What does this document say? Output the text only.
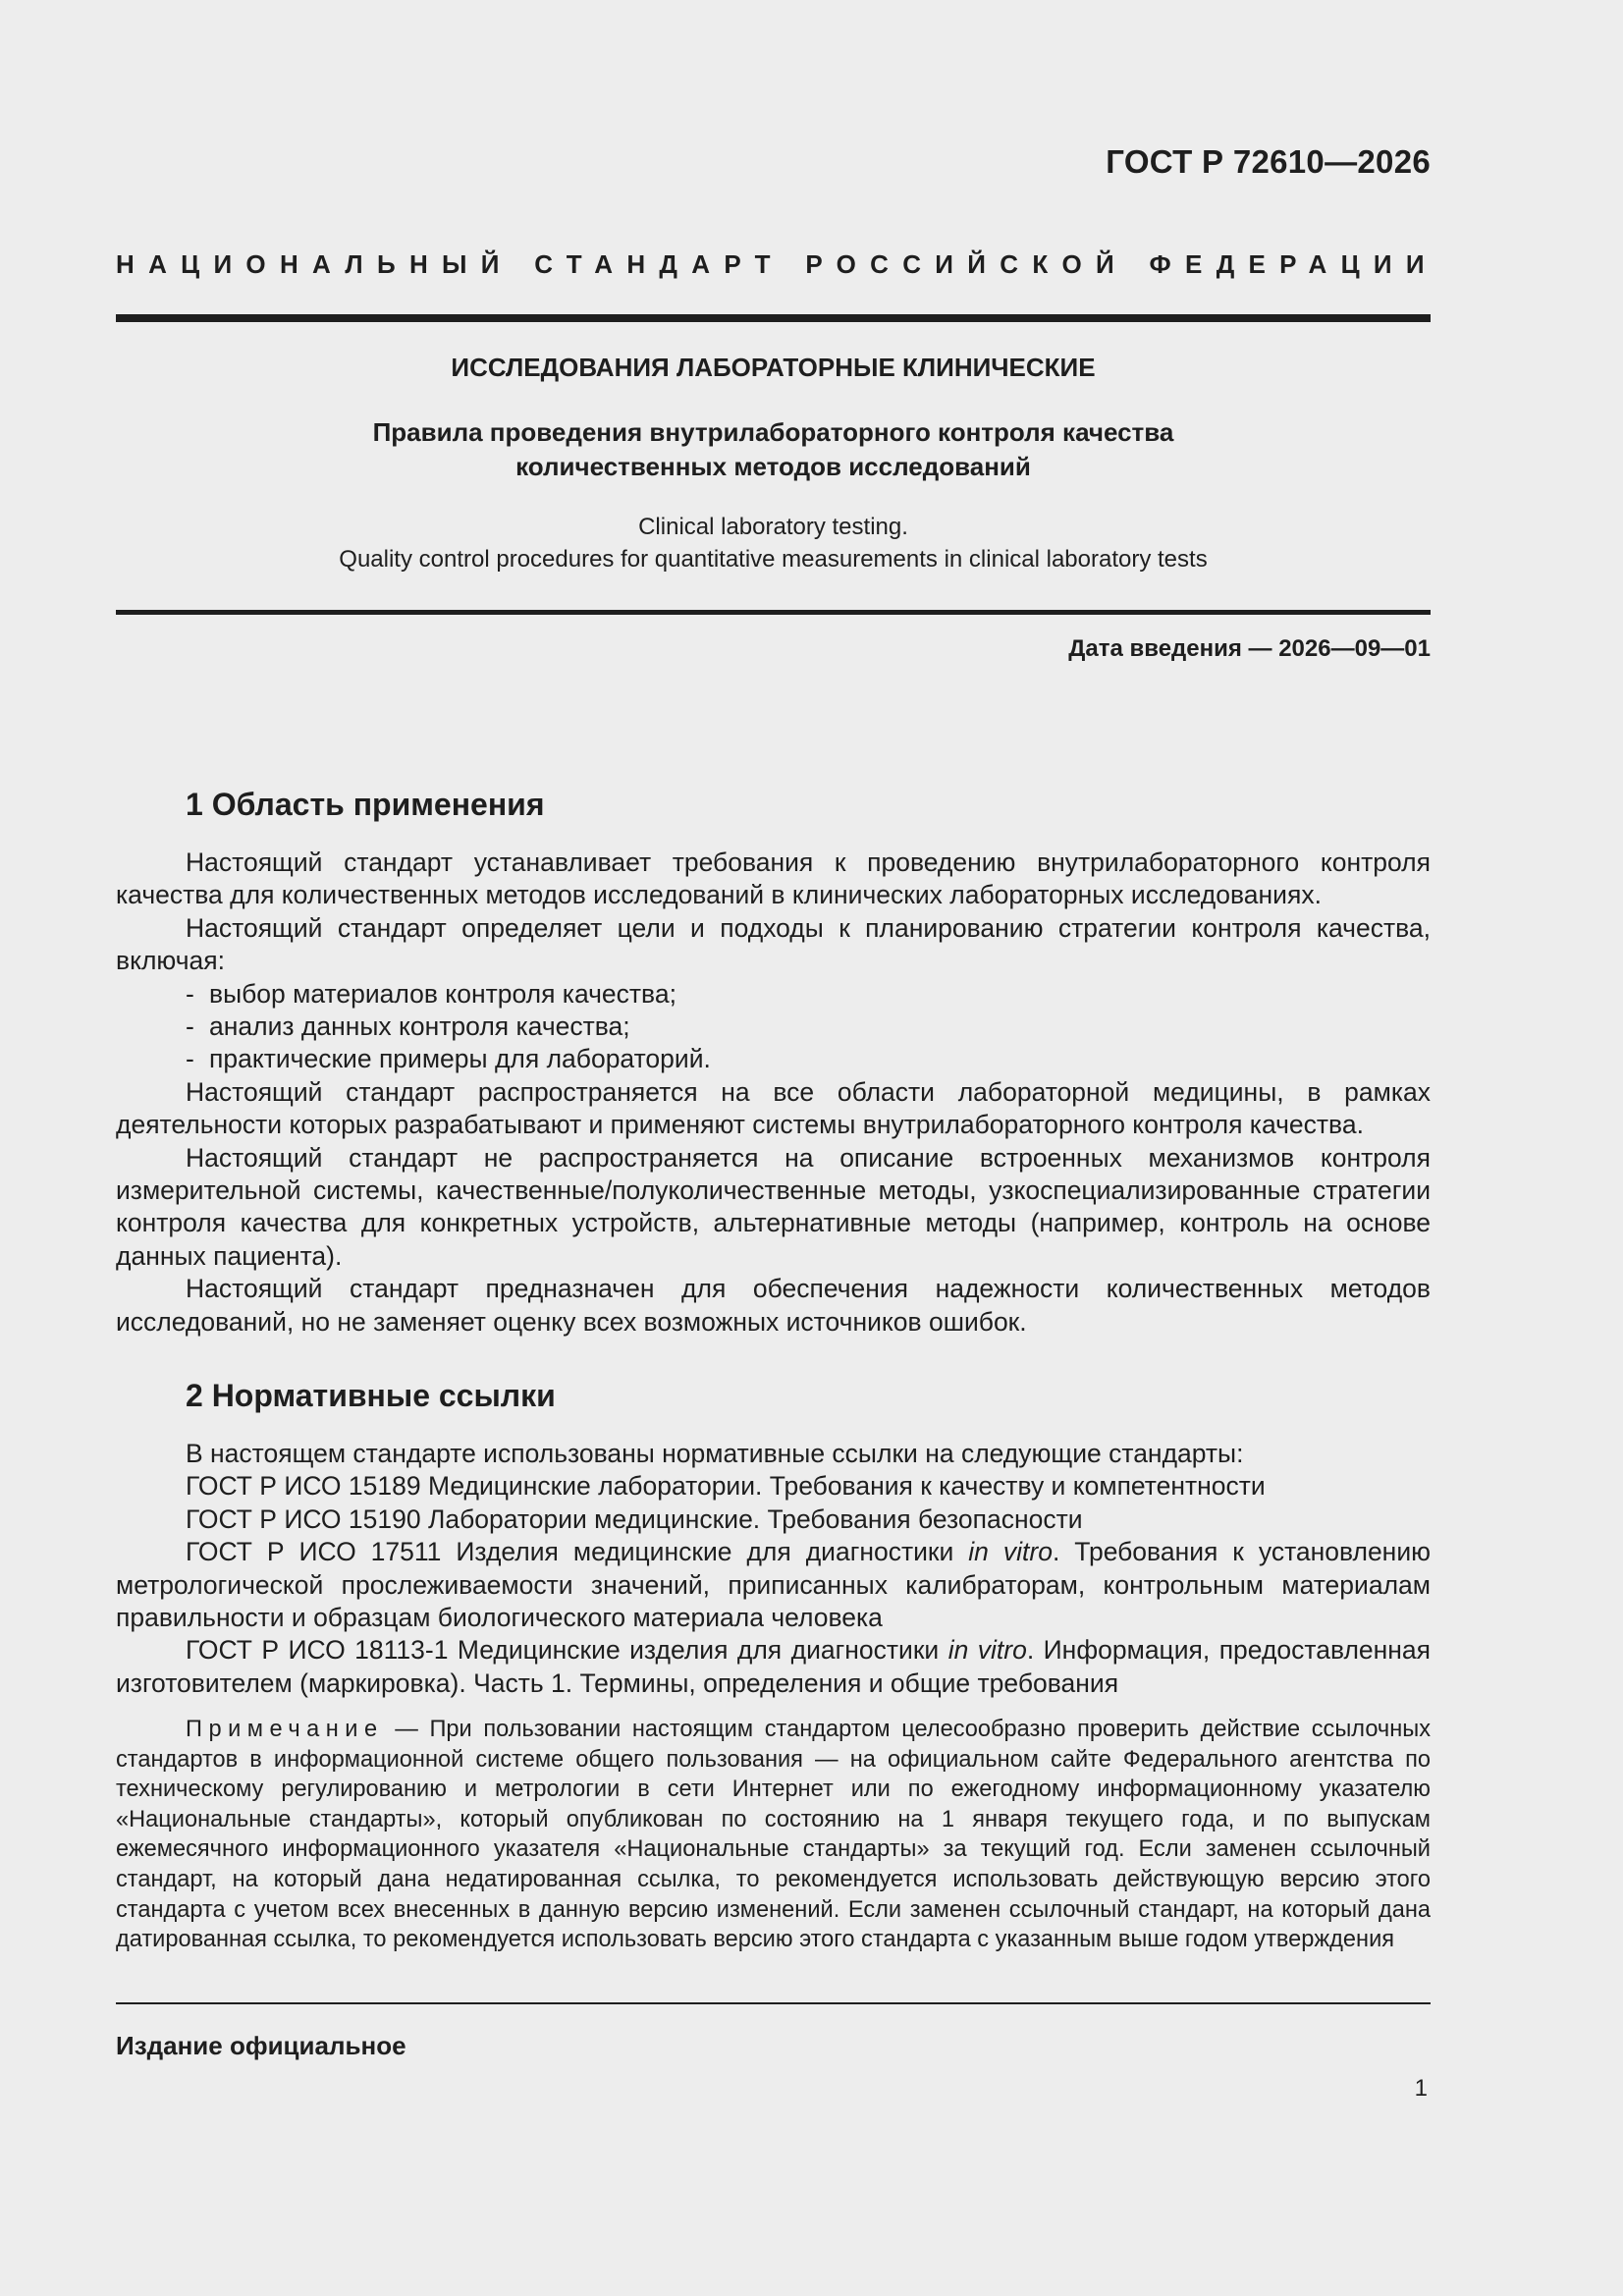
ГОСТ Р 72610—2026
НАЦИОНАЛЬНЫЙ СТАНДАРТ РОССИЙСКОЙ ФЕДЕРАЦИИ
ИССЛЕДОВАНИЯ ЛАБОРАТОРНЫЕ КЛИНИЧЕСКИЕ
Правила проведения внутрилабораторного контроля качества
количественных методов исследований
Clinical laboratory testing.
Quality control procedures for quantitative measurements in clinical laboratory tests
Дата введения — 2026—09—01
1 Область применения

Настоящий стандарт устанавливает требования к проведению внутрилабораторного контроля качества для количественных методов исследований в клинических лабораторных исследованиях.

Настоящий стандарт определяет цели и подходы к планированию стратегии контроля качества, включая:

- выбор материалов контроля качества;

- анализ данных контроля качества;

- практические примеры для лабораторий.

Настоящий стандарт распространяется на все области лабораторной медицины, в рамках деятельности которых разрабатывают и применяют системы внутрилабораторного контроля качества.

Настоящий стандарт не распространяется на описание встроенных механизмов контроля измерительной системы, качественные/полуколичественные методы, узкоспециализированные стратегии контроля качества для конкретных устройств, альтернативные методы (например, контроль на основе данных пациента).

Настоящий стандарт предназначен для обеспечения надежности количественных методов исследований, но не заменяет оценку всех возможных источников ошибок.

2 Нормативные ссылки

В настоящем стандарте использованы нормативные ссылки на следующие стандарты:

ГОСТ Р ИСО 15189 Медицинские лаборатории. Требования к качеству и компетентности

ГОСТ Р ИСО 15190 Лаборатории медицинские. Требования безопасности

ГОСТ Р ИСО 17511 Изделия медицинские для диагностики in vitro. Требования к установлению метрологической прослеживаемости значений, приписанных калибраторам, контрольным материалам правильности и образцам биологического материала человека

ГОСТ Р ИСО 18113-1 Медицинские изделия для диагностики in vitro. Информация, предоставленная изготовителем (маркировка). Часть 1. Термины, определения и общие требования

Примечание — При пользовании настоящим стандартом целесообразно проверить действие ссылочных стандартов в информационной системе общего пользования — на официальном сайте Федерального агентства по техническому регулированию и метрологии в сети Интернет или по ежегодному информационному указателю «Национальные стандарты», который опубликован по состоянию на 1 января текущего года, и по выпускам ежемесячного информационного указателя «Национальные стандарты» за текущий год. Если заменен ссылочный стандарт, на который дана недатированная ссылка, то рекомендуется использовать действующую версию этого стандарта с учетом всех внесенных в данную версию изменений. Если заменен ссылочный стандарт, на который дана датированная ссылка, то рекомендуется использовать версию этого стандарта с указанным выше годом утверждения
Издание официальное
1
